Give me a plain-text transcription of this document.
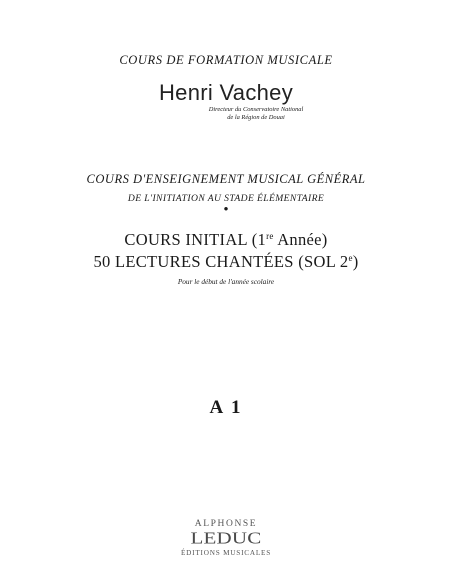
COURS DE FORMATION MUSICALE
Henri Vachey
Directeur du Conservatoire National
de la Région de Douai
COURS D'ENSEIGNEMENT MUSICAL GÉNÉRAL
DE L'INITIATION AU STADE ÉLÉMENTAIRE
•
COURS INITIAL (1re Année)
50 LECTURES CHANTÉES (SOL 2e)
Pour le début de l'année scolaire
A 1
ALPHONSE
LEDUC
ÉDITIONS MUSICALES
